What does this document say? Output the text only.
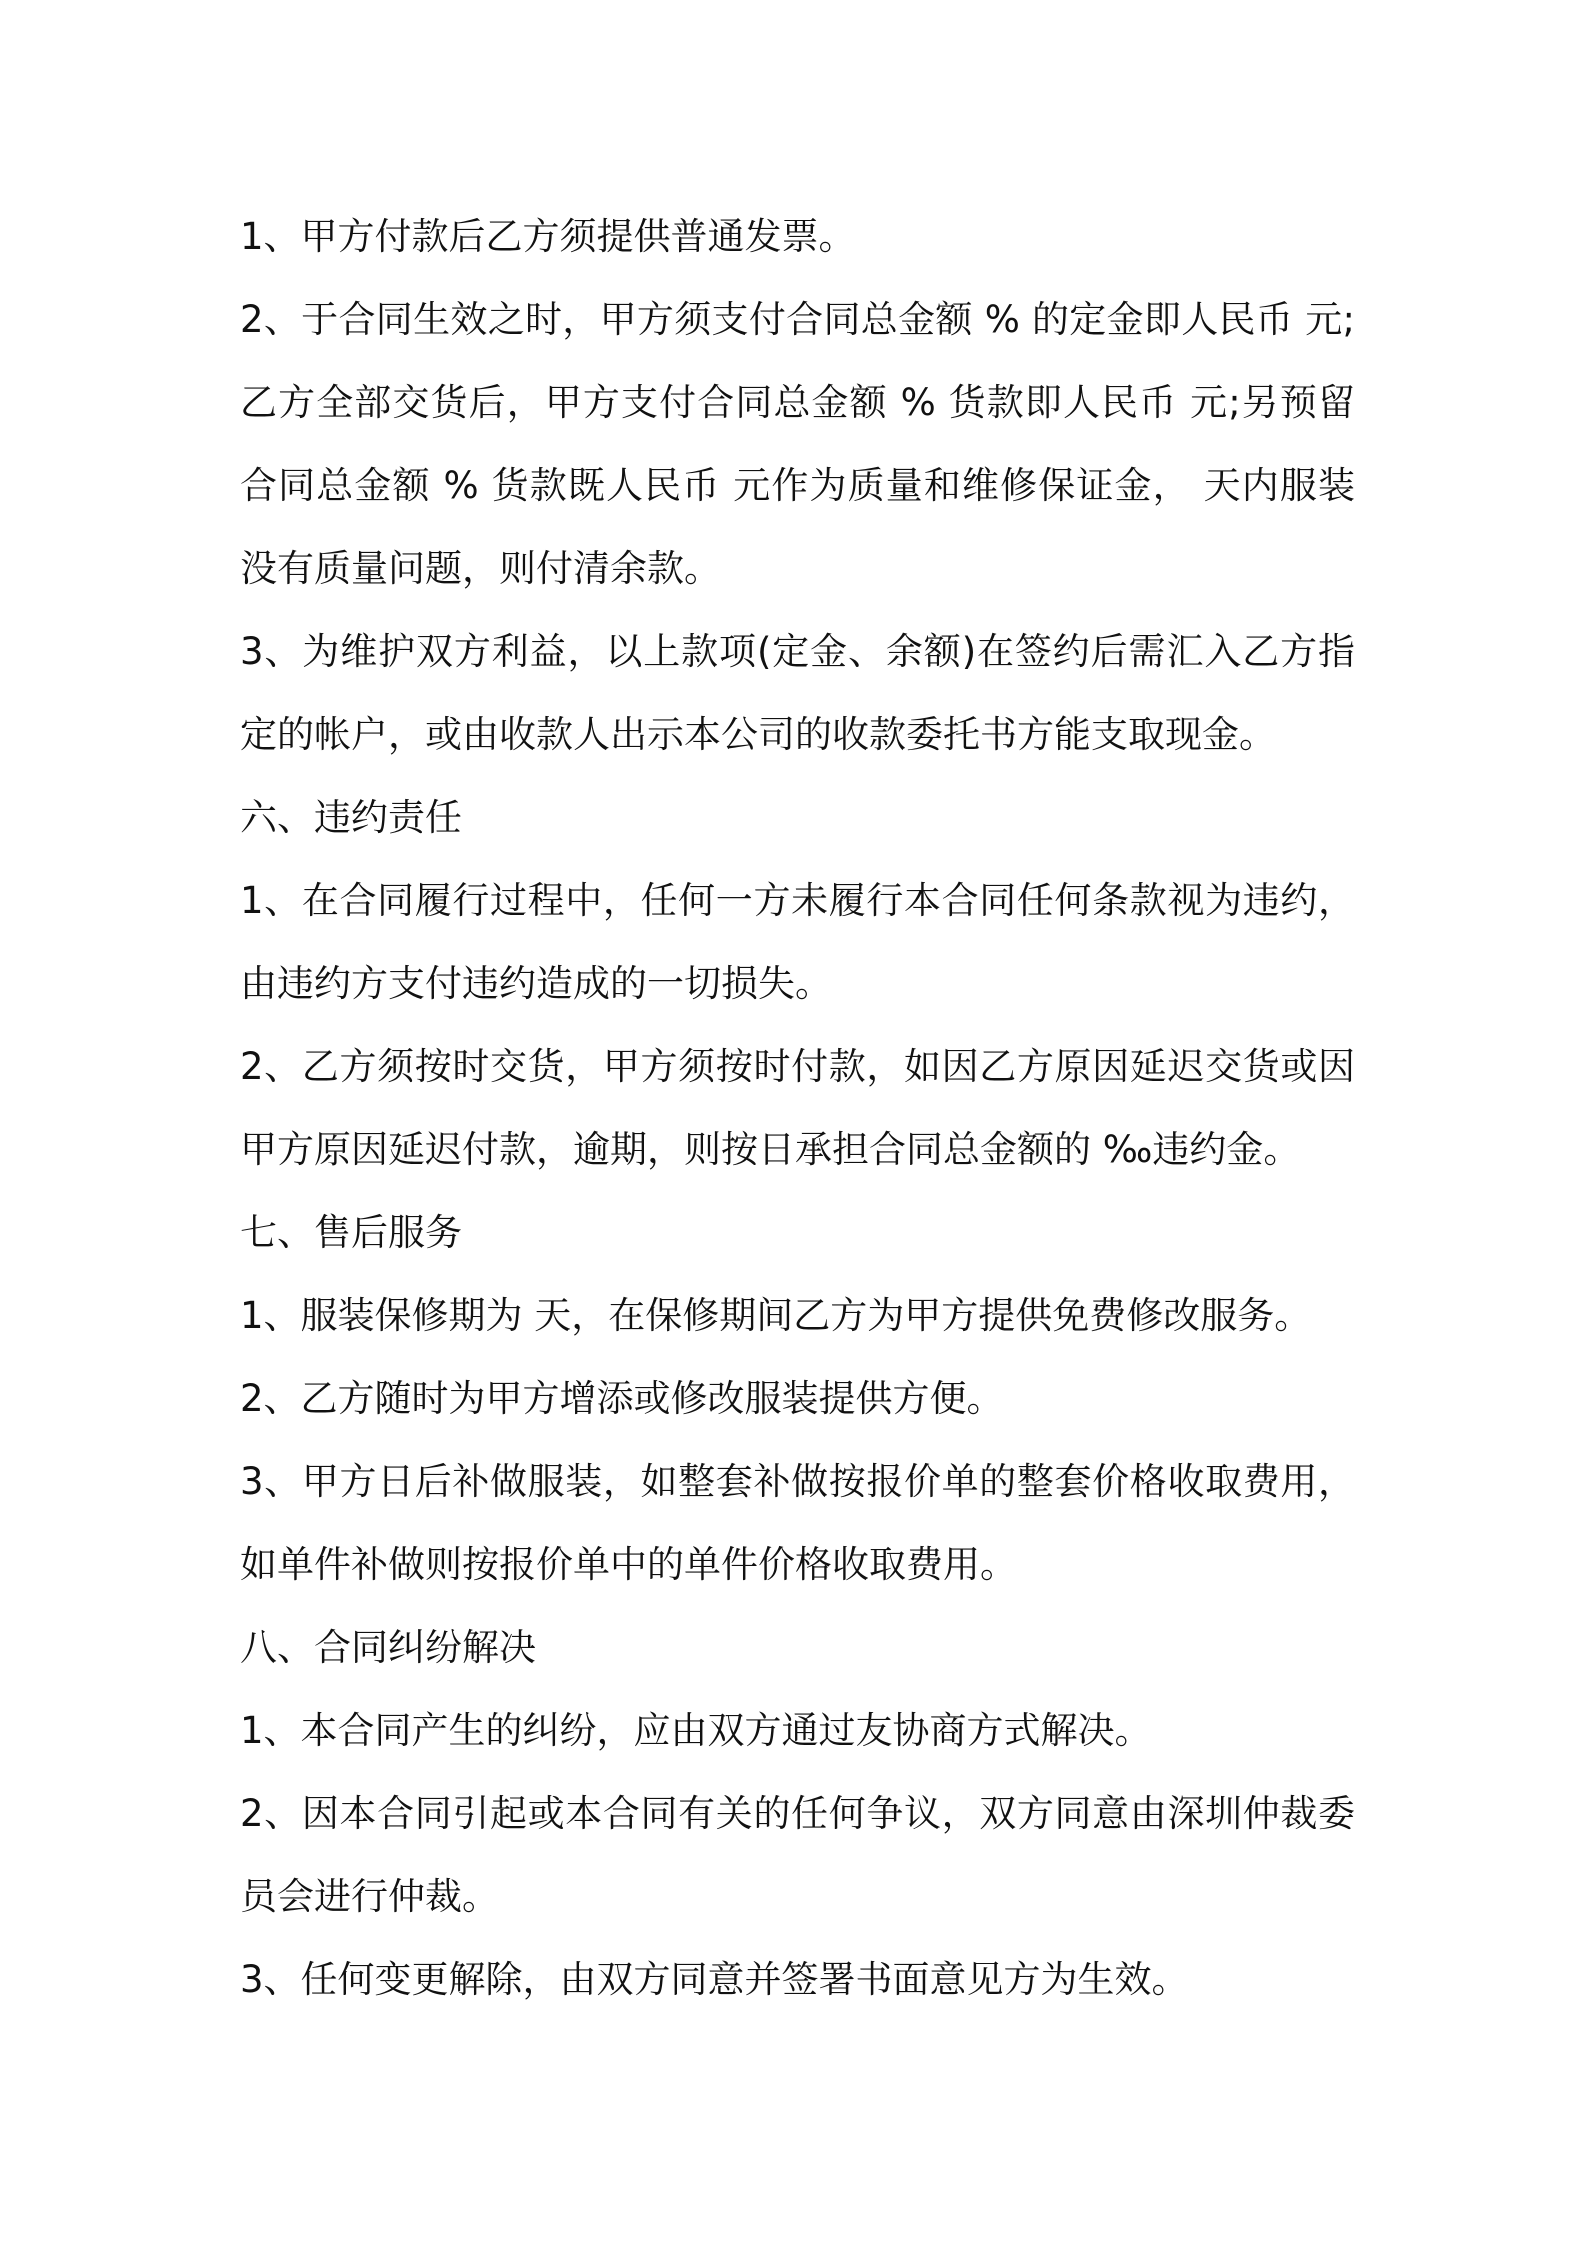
1、甲方付款后乙方须提供普通发票。

2、于合同生效之时，甲方须支付合同总金额 % 的定金即人民币 元;乙方全部交货后，甲方支付合同总金额 % 货款即人民币 元;另预留合同总金额 % 货款既人民币 元作为质量和维修保证金， 天内服装没有质量问题，则付清余款。

3、为维护双方利益，以上款项(定金、余额)在签约后需汇入乙方指定的帐户，或由收款人出示本公司的收款委托书方能支取现金。

六、违约责任

1、在合同履行过程中，任何一方未履行本合同任何条款视为违约，由违约方支付违约造成的一切损失。

2、乙方须按时交货，甲方须按时付款，如因乙方原因延迟交货或因甲方原因延迟付款，逾期，则按日承担合同总金额的 ‰违约金。

七、售后服务

1、服装保修期为 天，在保修期间乙方为甲方提供免费修改服务。

2、乙方随时为甲方增添或修改服装提供方便。

3、甲方日后补做服装，如整套补做按报价单的整套价格收取费用，如单件补做则按报价单中的单件价格收取费用。

八、合同纠纷解决

1、本合同产生的纠纷，应由双方通过友协商方式解决。

2、因本合同引起或本合同有关的任何争议，双方同意由深圳仲裁委员会进行仲裁。

3、任何变更解除，由双方同意并签署书面意见方为生效。
